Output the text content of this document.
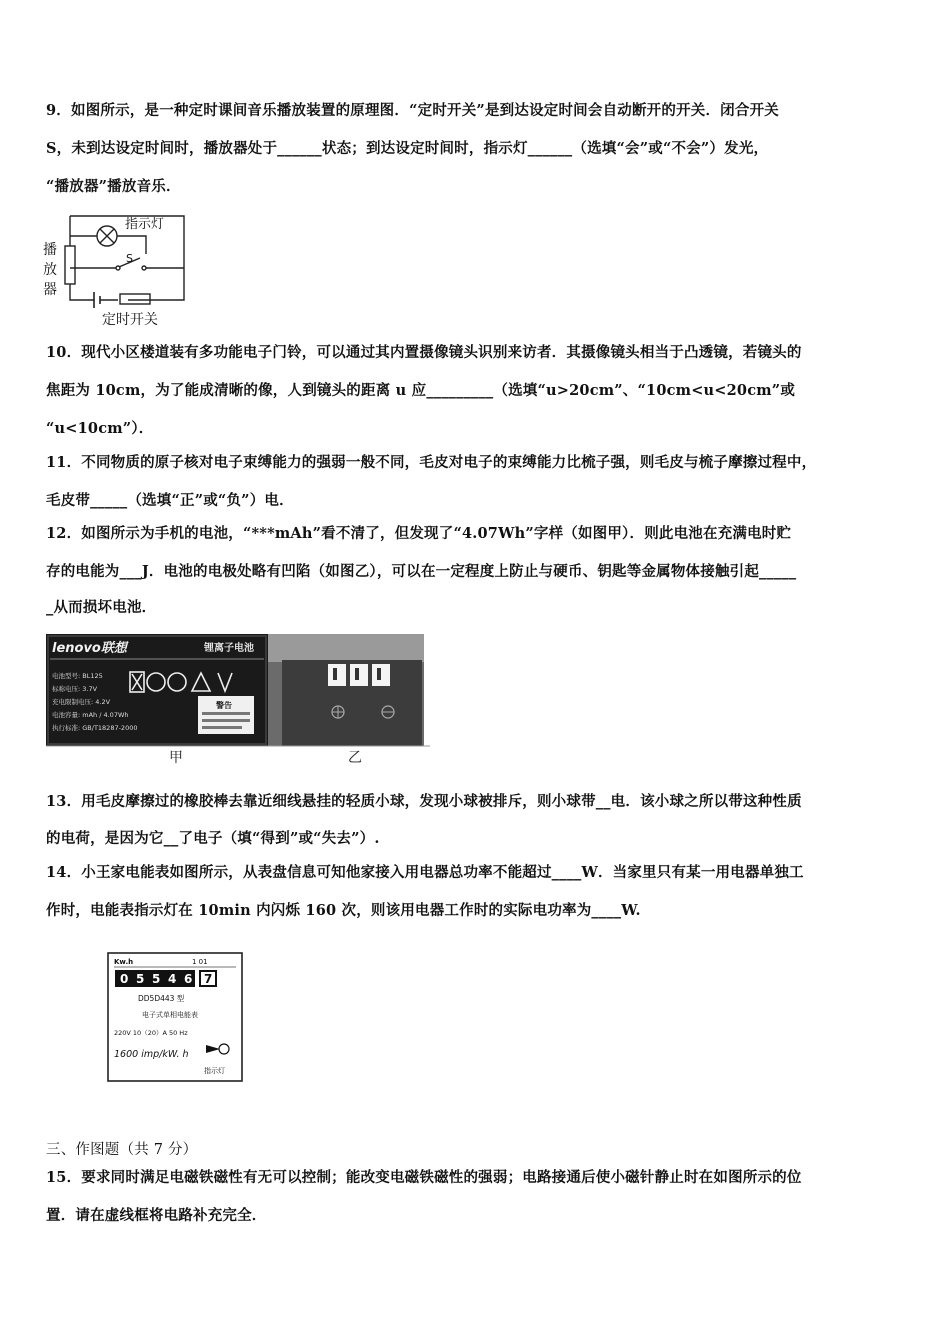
9．如图所示，是一种定时课间音乐播放装置的原理图．“定时开关”是到达设定时间会自动断开的开关．闭合开关
S，未到达设定时间时，播放器处于______状态；到达设定时间时，指示灯______（选填“会”或“不会”）发光，
“播放器”播放音乐．
指示灯
S
播
放
器
定时开关
10．现代小区楼道装有多功能电子门铃，可以通过其内置摄像镜头识别来访者．其摄像镜头相当于凸透镜，若镜头的
焦距为 10cm，为了能成清晰的像，人到镜头的距离 u 应_________（选填“u>20cm”、“10cm<u<20cm”或
“u<10cm”）．
11．不同物质的原子核对电子束缚能力的强弱一般不同，毛皮对电子的束缚能力比梳子强，则毛皮与梳子摩擦过程中，
毛皮带_____（选填“正”或“负”）电．
12．如图所示为手机的电池，“***mAh”看不清了，但发现了“4.07Wh”字样（如图甲）．则此电池在充满电时贮
存的电能为___J．电池的电极处略有凹陷（如图乙），可以在一定程度上防止与硬币、钥匙等金属物体接触引起_____
_从而损坏电池．
lenovo联想	锂离子电池
电池型号: BL125
标称电压: 3.7V
充电限制电压: 4.2V
电池容量: mAh / 4.07Wh
执行标准: GB/T18287-2000
警告
甲	乙
13．用毛皮摩擦过的橡胶棒去靠近细线悬挂的轻质小球，发现小球被排斥，则小球带__电．该小球之所以带这种性质
的电荷，是因为它__了电子（填“得到”或“失去”）.
14．小王家电能表如图所示，从表盘信息可知他家接入用电器总功率不能超过____W．当家里只有某一用电器单独工
作时，电能表指示灯在 10min 内闪烁 160 次，则该用电器工作时的实际电功率为____W.
Kw.h	1 01
0 5 5 4 6 7
DD5D443 型
电子式单相电能表
220V 10（20）A 50 Hz
1600 imp/kW. h
指示灯
三、作图题（共 7 分）
15．要求同时满足电磁铁磁性有无可以控制；能改变电磁铁磁性的强弱；电路接通后使小磁针静止时在如图所示的位
置．请在虚线框将电路补充完全．
